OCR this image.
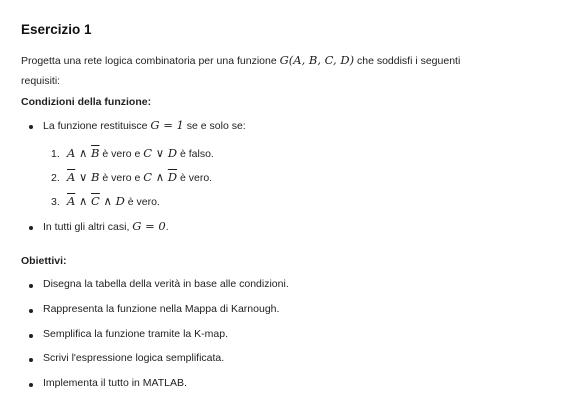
Esercizio 1
Progetta una rete logica combinatoria per una funzione G(A, B, C, D) che soddisfi i seguenti
requisiti:
Condizioni della funzione:
La funzione restituisce G = 1 se e solo se:
1. A ∧ $\overline{B}$ è vero e C ∨ D è falso.
2. $\overline{A}$ ∨ B è vero e C ∧ $\overline{D}$ è vero.
3. $\overline{A}$ ∧ $\overline{C}$ ∧ D è vero.
In tutti gli altri casi, G = 0.
Obiettivi:
Disegna la tabella della verità in base alle condizioni.
Rappresenta la funzione nella Mappa di Karnough.
Semplifica la funzione tramite la K-map.
Scrivi l'espressione logica semplificata.
Implementa il tutto in MATLAB.
